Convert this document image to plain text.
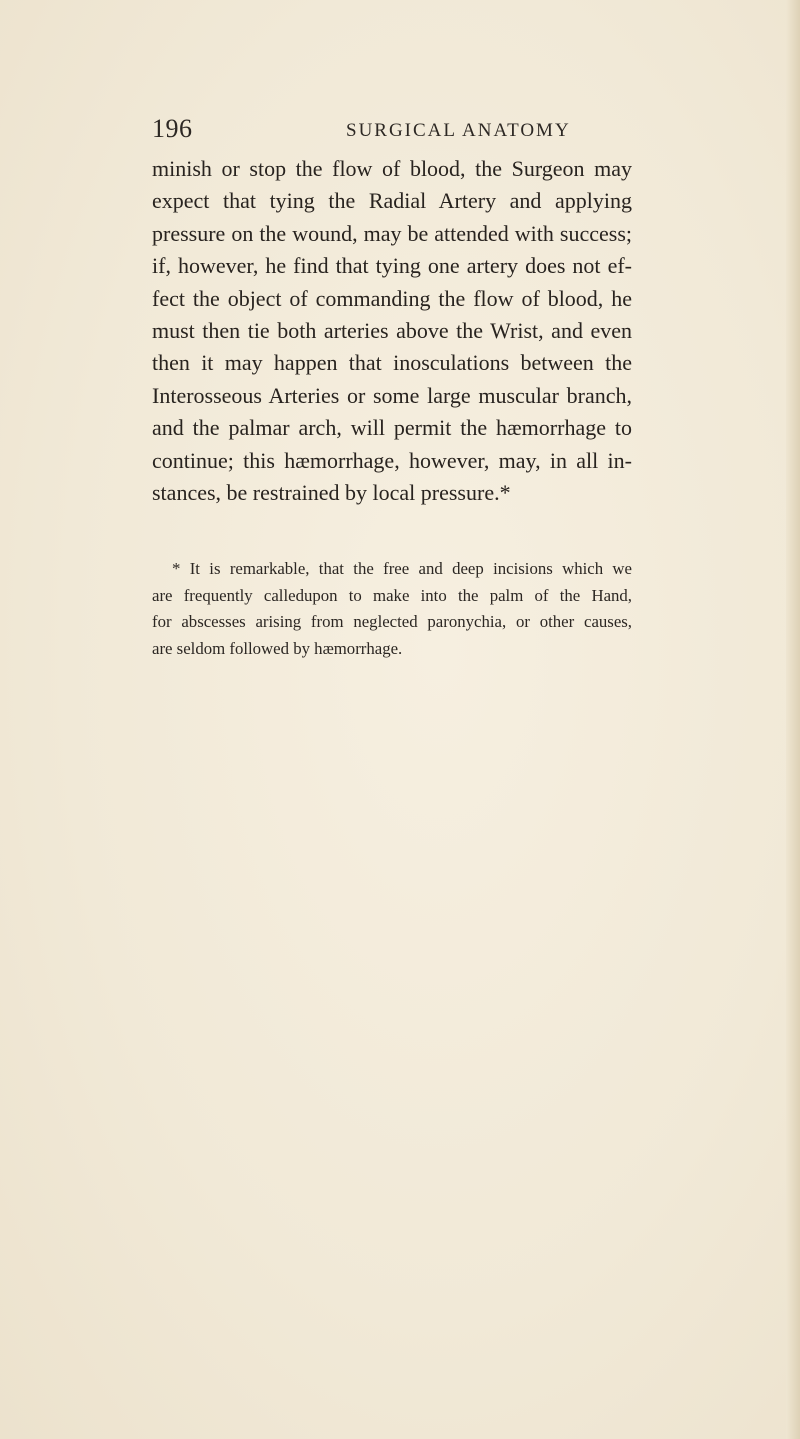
196	SURGICAL ANATOMY
minish or stop the flow of blood, the Surgeon may
expect that tying the Radial Artery and applying
pressure on the wound, may be attended with success;
if, however, he find that tying one artery does not ef-
fect the object of commanding the flow of blood, he
must then tie both arteries above the Wrist, and even
then it may happen that inosculations between the
Interosseous Arteries or some large muscular branch,
and the palmar arch, will permit the hæmorrhage to
continue; this hæmorrhage, however, may, in all in-
stances, be restrained by local pressure.*
* It is remarkable, that the free and deep incisions which we
are frequently calledupon to make into the palm of the Hand,
for abscesses arising from neglected paronychia, or other causes,
are seldom followed by hæmorrhage.
